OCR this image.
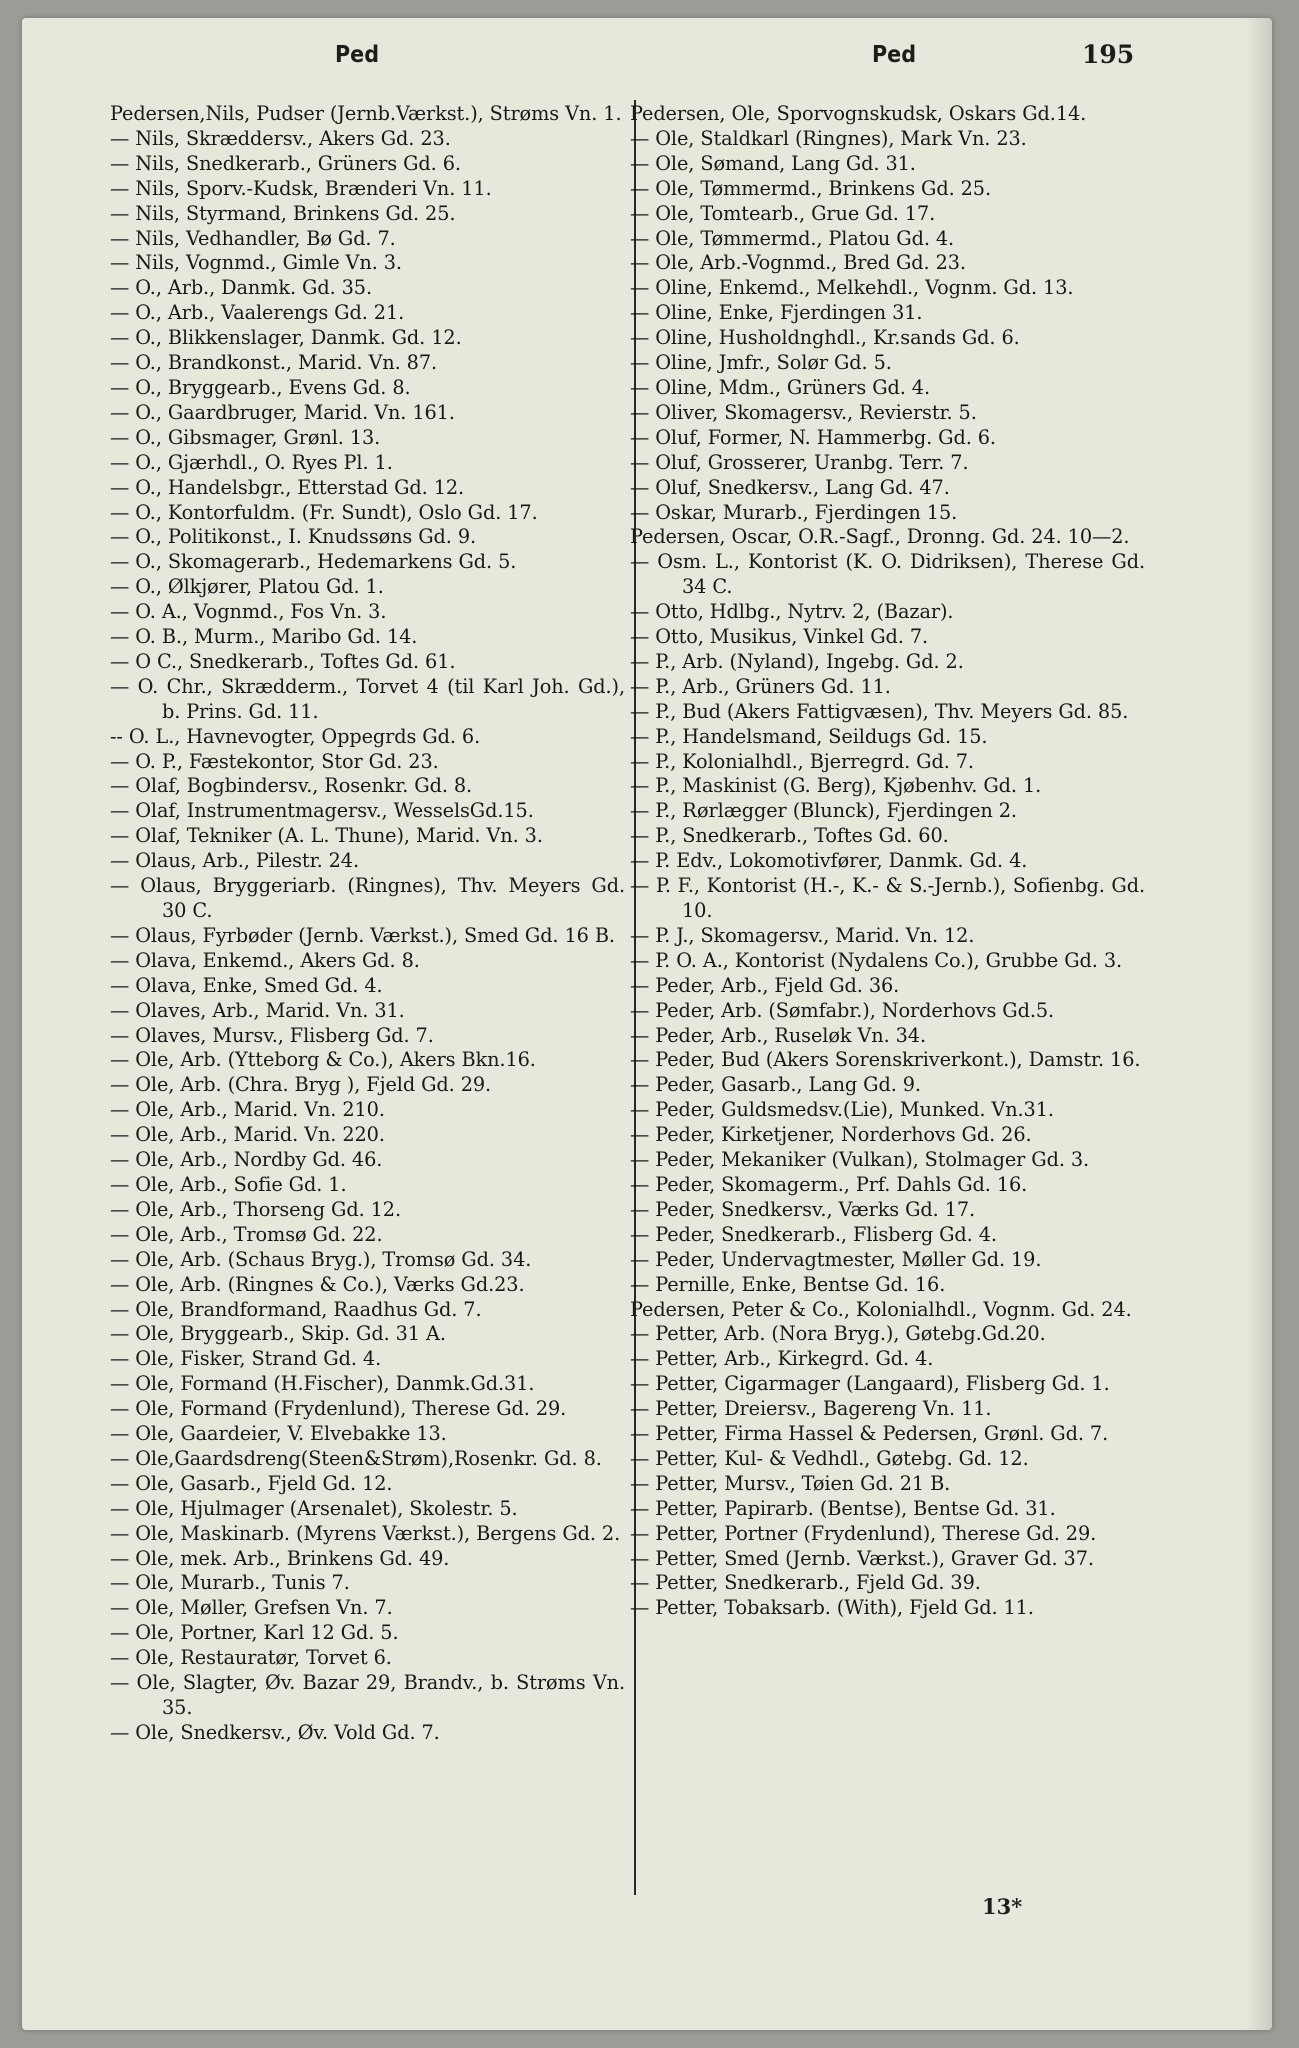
Ped	Ped	195
Pedersen,Nils, Pudser (Jernb.Værkst.), Strøms Vn. 1.
— Nils, Skræddersv., Akers Gd. 23.
— Nils, Snedkerarb., Grüners Gd. 6.
— Nils, Sporv.-Kudsk, Brænderi Vn. 11.
— Nils, Styrmand, Brinkens Gd. 25.
— Nils, Vedhandler, Bø Gd. 7.
— Nils, Vognmd., Gimle Vn. 3.
— O., Arb., Danmk. Gd. 35.
— O., Arb., Vaalerengs Gd. 21.
— O., Blikkenslager, Danmk. Gd. 12.
— O., Brandkonst., Marid. Vn. 87.
— O., Bryggearb., Evens Gd. 8.
— O., Gaardbruger, Marid. Vn. 161.
— O., Gibsmager, Grønl. 13.
— O., Gjærhdl., O. Ryes Pl. 1.
— O., Handelsbgr., Etterstad Gd. 12.
— O., Kontorfuldm. (Fr. Sundt), Oslo Gd. 17.
— O., Politikonst., I. Knudssøns Gd. 9.
— O., Skomagerarb., Hedemarkens Gd. 5.
— O., Ølkjører, Platou Gd. 1.
— O. A., Vognmd., Fos Vn. 3.
— O. B., Murm., Maribo Gd. 14.
— O C., Snedkerarb., Toftes Gd. 61.
— O. Chr., Skrædderm., Torvet 4 (til Karl Joh. Gd.), b. Prins. Gd. 11.
-- O. L., Havnevogter, Oppegrds Gd. 6.
— O. P., Fæstekontor, Stor Gd. 23.
— Olaf, Bogbindersv., Rosenkr. Gd. 8.
— Olaf, Instrumentmagersv., WesselsGd.15.
— Olaf, Tekniker (A. L. Thune), Marid. Vn. 3.
— Olaus, Arb., Pilestr. 24.
— Olaus, Bryggeriarb. (Ringnes), Thv. Meyers Gd. 30 C.
— Olaus, Fyrbøder (Jernb. Værkst.), Smed Gd. 16 B.
— Olava, Enkemd., Akers Gd. 8.
— Olava, Enke, Smed Gd. 4.
— Olaves, Arb., Marid. Vn. 31.
— Olaves, Mursv., Flisberg Gd. 7.
— Ole, Arb. (Ytteborg & Co.), Akers Bkn.16.
— Ole, Arb. (Chra. Bryg ), Fjeld Gd. 29.
— Ole, Arb., Marid. Vn. 210.
— Ole, Arb., Marid. Vn. 220.
— Ole, Arb., Nordby Gd. 46.
— Ole, Arb., Sofie Gd. 1.
— Ole, Arb., Thorseng Gd. 12.
— Ole, Arb., Tromsø Gd. 22.
— Ole, Arb. (Schaus Bryg.), Tromsø Gd. 34.
— Ole, Arb. (Ringnes & Co.), Værks Gd.23.
— Ole, Brandformand, Raadhus Gd. 7.
— Ole, Bryggearb., Skip. Gd. 31 A.
— Ole, Fisker, Strand Gd. 4.
— Ole, Formand (H.Fischer), Danmk.Gd.31.
— Ole, Formand (Frydenlund), Therese Gd. 29.
— Ole, Gaardeier, V. Elvebakke 13.
— Ole,Gaardsdreng(Steen&Strøm),Rosenkr. Gd. 8.
— Ole, Gasarb., Fjeld Gd. 12.
— Ole, Hjulmager (Arsenalet), Skolestr. 5.
— Ole, Maskinarb. (Myrens Værkst.), Bergens Gd. 2.
— Ole, mek. Arb., Brinkens Gd. 49.
— Ole, Murarb., Tunis 7.
— Ole, Møller, Grefsen Vn. 7.
— Ole, Portner, Karl 12 Gd. 5.
— Ole, Restauratør, Torvet 6.
— Ole, Slagter, Øv. Bazar 29, Brandv., b. Strøms Vn. 35.
— Ole, Snedkersv., Øv. Vold Gd. 7.
Pedersen, Ole, Sporvognskudsk, Oskars Gd.14.
— Ole, Staldkarl (Ringnes), Mark Vn. 23.
— Ole, Sømand, Lang Gd. 31.
— Ole, Tømmermd., Brinkens Gd. 25.
— Ole, Tomtearb., Grue Gd. 17.
— Ole, Tømmermd., Platou Gd. 4.
— Ole, Arb.-Vognmd., Bred Gd. 23.
— Oline, Enkemd., Melkehdl., Vognm. Gd. 13.
— Oline, Enke, Fjerdingen 31.
— Oline, Husholdnghdl., Kr.sands Gd. 6.
— Oline, Jmfr., Solør Gd. 5.
— Oline, Mdm., Grüners Gd. 4.
— Oliver, Skomagersv., Revierstr. 5.
— Oluf, Former, N. Hammerbg. Gd. 6.
— Oluf, Grosserer, Uranbg. Terr. 7.
— Oluf, Snedkersv., Lang Gd. 47.
— Oskar, Murarb., Fjerdingen 15.
Pedersen, Oscar, O.R.-Sagf., Dronng. Gd. 24. 10—2.
— Osm. L., Kontorist (K. O. Didriksen), Therese Gd. 34 C.
— Otto, Hdlbg., Nytrv. 2, (Bazar).
— Otto, Musikus, Vinkel Gd. 7.
— P., Arb. (Nyland), Ingebg. Gd. 2.
— P., Arb., Grüners Gd. 11.
— P., Bud (Akers Fattigvæsen), Thv. Meyers Gd. 85.
— P., Handelsmand, Seildugs Gd. 15.
— P., Kolonialhdl., Bjerregrd. Gd. 7.
— P., Maskinist (G. Berg), Kjøbenhv. Gd. 1.
— P., Rørlægger (Blunck), Fjerdingen 2.
— P., Snedkerarb., Toftes Gd. 60.
— P. Edv., Lokomotivfører, Danmk. Gd. 4.
— P. F., Kontorist (H.-, K.- & S.-Jernb.), Sofienbg. Gd. 10.
— P. J., Skomagersv., Marid. Vn. 12.
— P. O. A., Kontorist (Nydalens Co.), Grubbe Gd. 3.
— Peder, Arb., Fjeld Gd. 36.
— Peder, Arb. (Sømfabr.), Norderhovs Gd.5.
— Peder, Arb., Ruseløk Vn. 34.
— Peder, Bud (Akers Sorenskriverkont.), Damstr. 16.
— Peder, Gasarb., Lang Gd. 9.
— Peder, Guldsmedsv.(Lie), Munked. Vn.31.
— Peder, Kirketjener, Norderhovs Gd. 26.
— Peder, Mekaniker (Vulkan), Stolmager Gd. 3.
— Peder, Skomagerm., Prf. Dahls Gd. 16.
— Peder, Snedkersv., Værks Gd. 17.
— Peder, Snedkerarb., Flisberg Gd. 4.
— Peder, Undervagtmester, Møller Gd. 19.
— Pernille, Enke, Bentse Gd. 16.
Pedersen, Peter & Co., Kolonialhdl., Vognm. Gd. 24.
— Petter, Arb. (Nora Bryg.), Gøtebg.Gd.20.
— Petter, Arb., Kirkegrd. Gd. 4.
— Petter, Cigarmager (Langaard), Flisberg Gd. 1.
— Petter, Dreiersv., Bagereng Vn. 11.
— Petter, Firma Hassel & Pedersen, Grønl. Gd. 7.
— Petter, Kul- & Vedhdl., Gøtebg. Gd. 12.
— Petter, Mursv., Tøien Gd. 21 B.
— Petter, Papirarb. (Bentse), Bentse Gd. 31.
— Petter, Portner (Frydenlund), Therese Gd. 29.
— Petter, Smed (Jernb. Værkst.), Graver Gd. 37.
— Petter, Snedkerarb., Fjeld Gd. 39.
— Petter, Tobaksarb. (With), Fjeld Gd. 11.
13*
